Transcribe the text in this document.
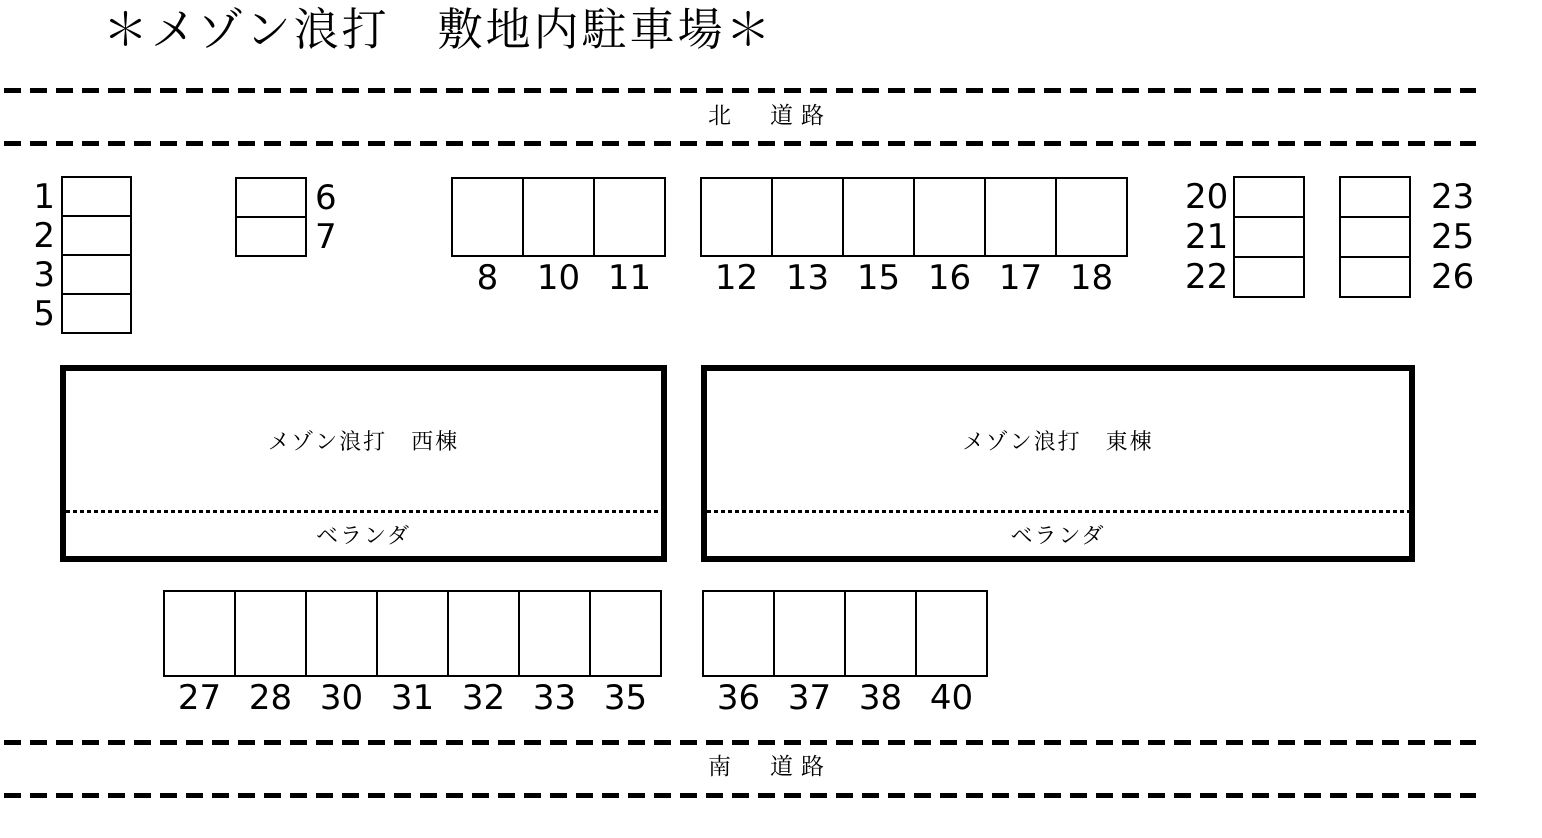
＊メゾン浪打　敷地内駐車場＊
北　道路
1
2
3
5
6
7
8 10 11 12 13 15 16 17 18
20
21
22
23
25
26
メゾン浪打　西棟
ベランダ
メゾン浪打　東棟
ベランダ
27 28 30 31 32 33 35 36 37 38 40
南　道路
